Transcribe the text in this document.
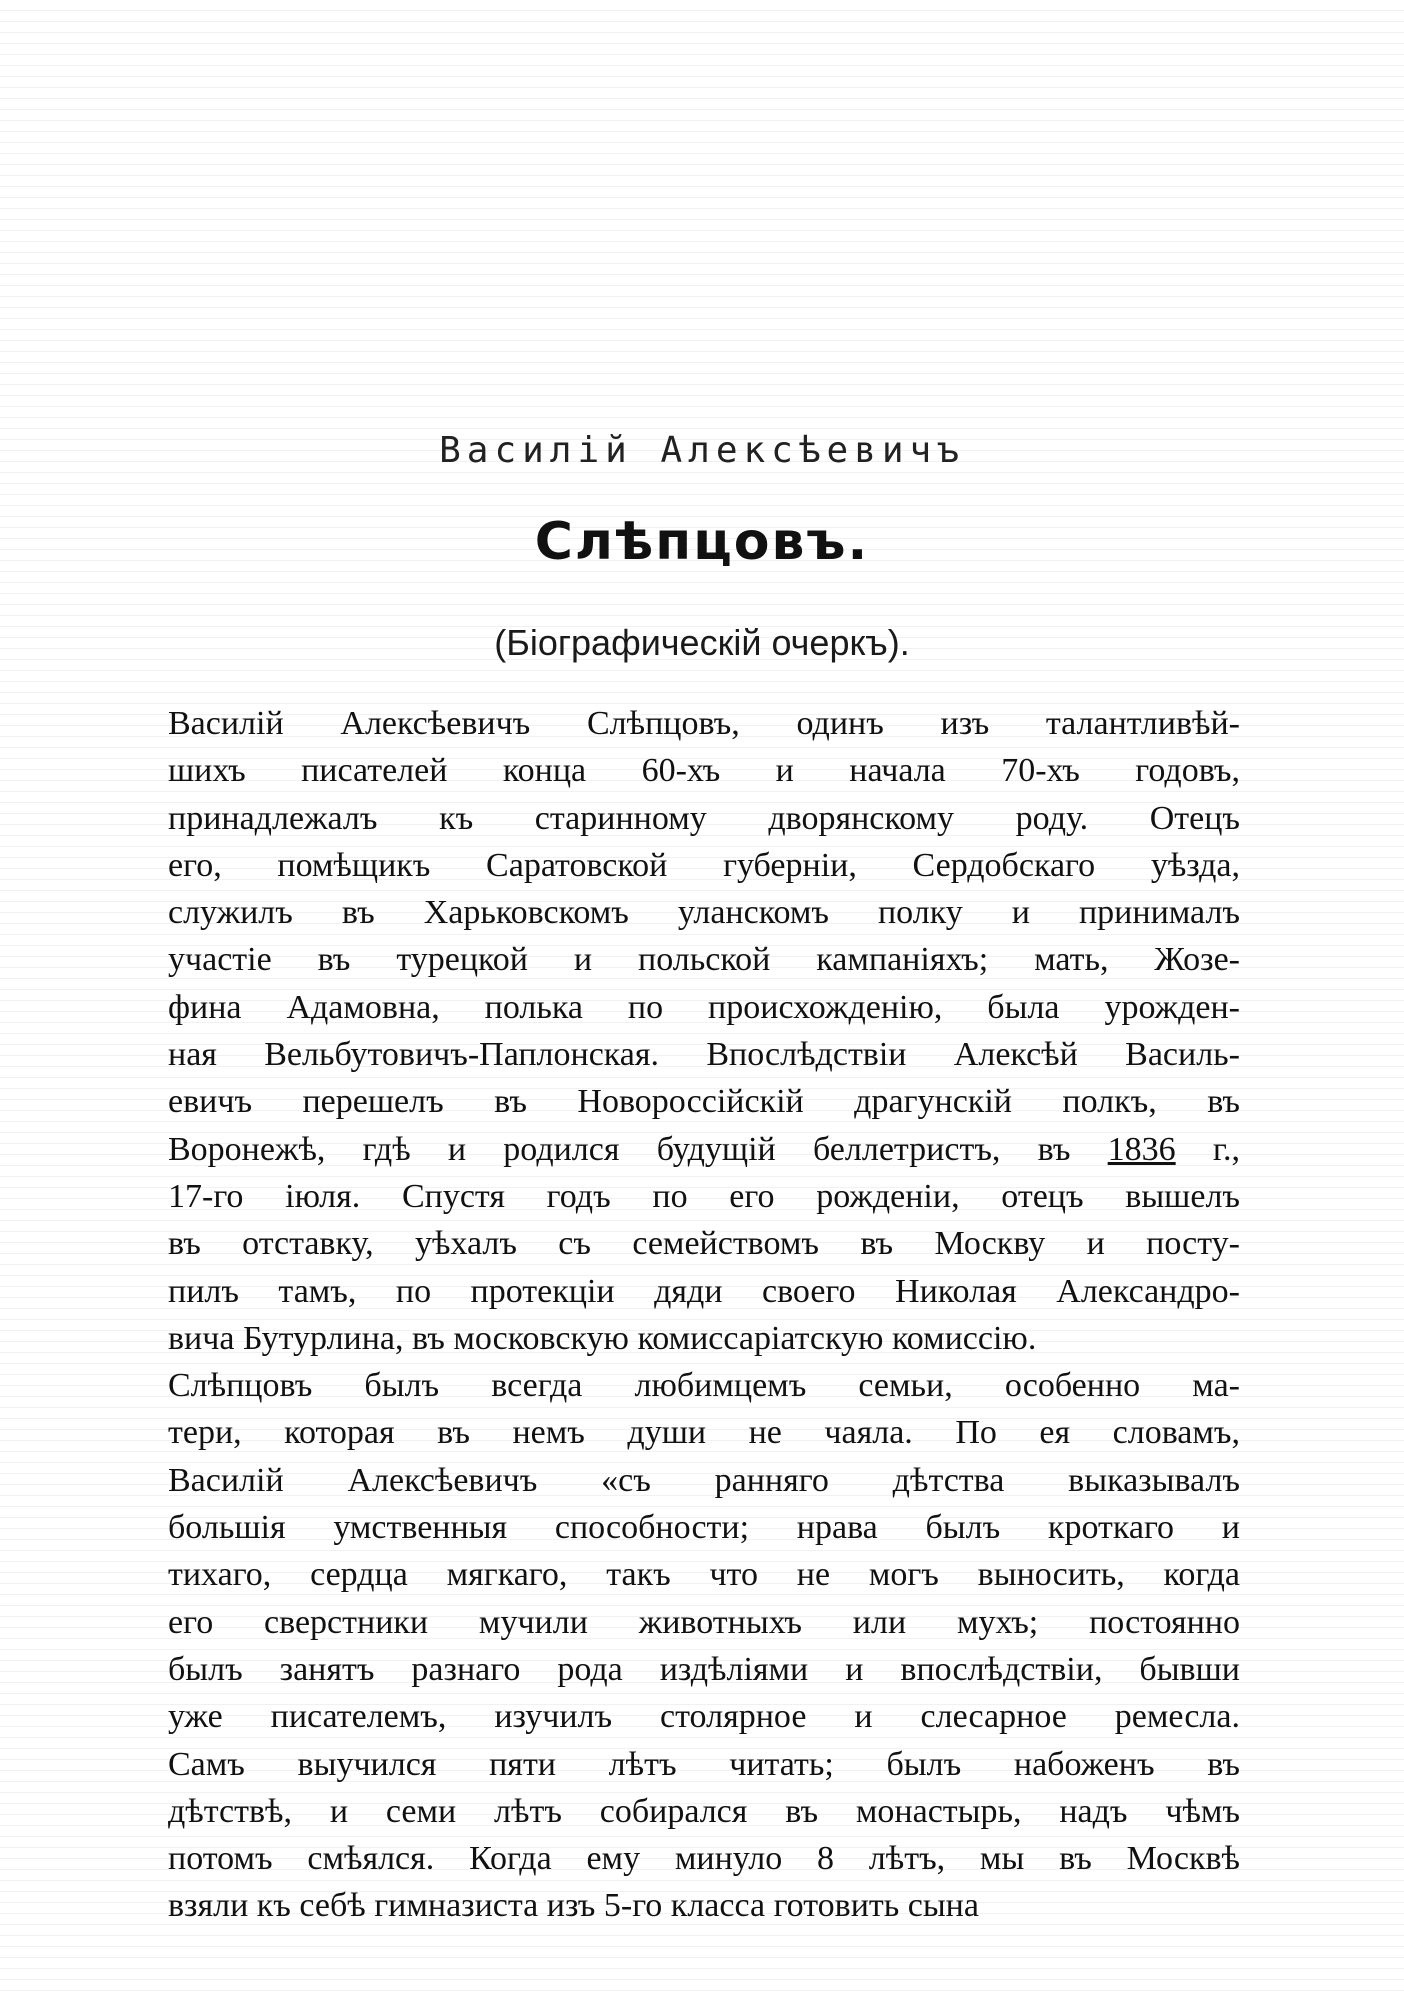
Василій Алексѣевичъ
Слѣпцовъ.
(Біографическій очеркъ).
Василій Алексѣевичъ Слѣпцовъ, одинъ изъ талантливѣй-
шихъ писателей конца 60-хъ и начала 70-хъ годовъ,
принадлежалъ къ старинному дворянскому роду. Отецъ
его, помѣщикъ Саратовской губерніи, Сердобскаго уѣзда,
служилъ въ Харьковскомъ уланскомъ полку и принималъ
участіе въ турецкой и польской кампаніяхъ; мать, Жозе-
фина Адамовна, полька по происхожденію, была урожден-
ная Вельбутовичъ-Паплонская. Впослѣдствіи Алексѣй Василь-
евичъ перешелъ въ Новороссійскій драгунскій полкъ, въ
Воронежѣ, гдѣ и родился будущій беллетристъ, въ 1836 г.,
17-го іюля. Спустя годъ по его рожденіи, отецъ вышелъ
въ отставку, уѣхалъ съ семействомъ въ Москву и посту-
пилъ тамъ, по протекціи дяди своего Николая Александро-
вича Бутурлина, въ московскую комиссаріатскую комиссію.
Слѣпцовъ былъ всегда любимцемъ семьи, особенно ма-
тери, которая въ немъ души не чаяла. По ея словамъ,
Василій Алексѣевичъ «съ ранняго дѣтства выказывалъ
большія умственныя способности; нрава былъ кроткаго и
тихаго, сердца мягкаго, такъ что не могъ выносить, когда
его сверстники мучили животныхъ или мухъ; постоянно
былъ занятъ разнаго рода издѣліями и впослѣдствіи, бывши
уже писателемъ, изучилъ столярное и слесарное ремесла.
Самъ выучился пяти лѣтъ читать; былъ набоженъ въ
дѣтствѣ, и семи лѣтъ собирался въ монастырь, надъ чѣмъ
потомъ смѣялся. Когда ему минуло 8 лѣтъ, мы въ Москвѣ
взяли къ себѣ гимназиста изъ 5-го класса готовить сына
